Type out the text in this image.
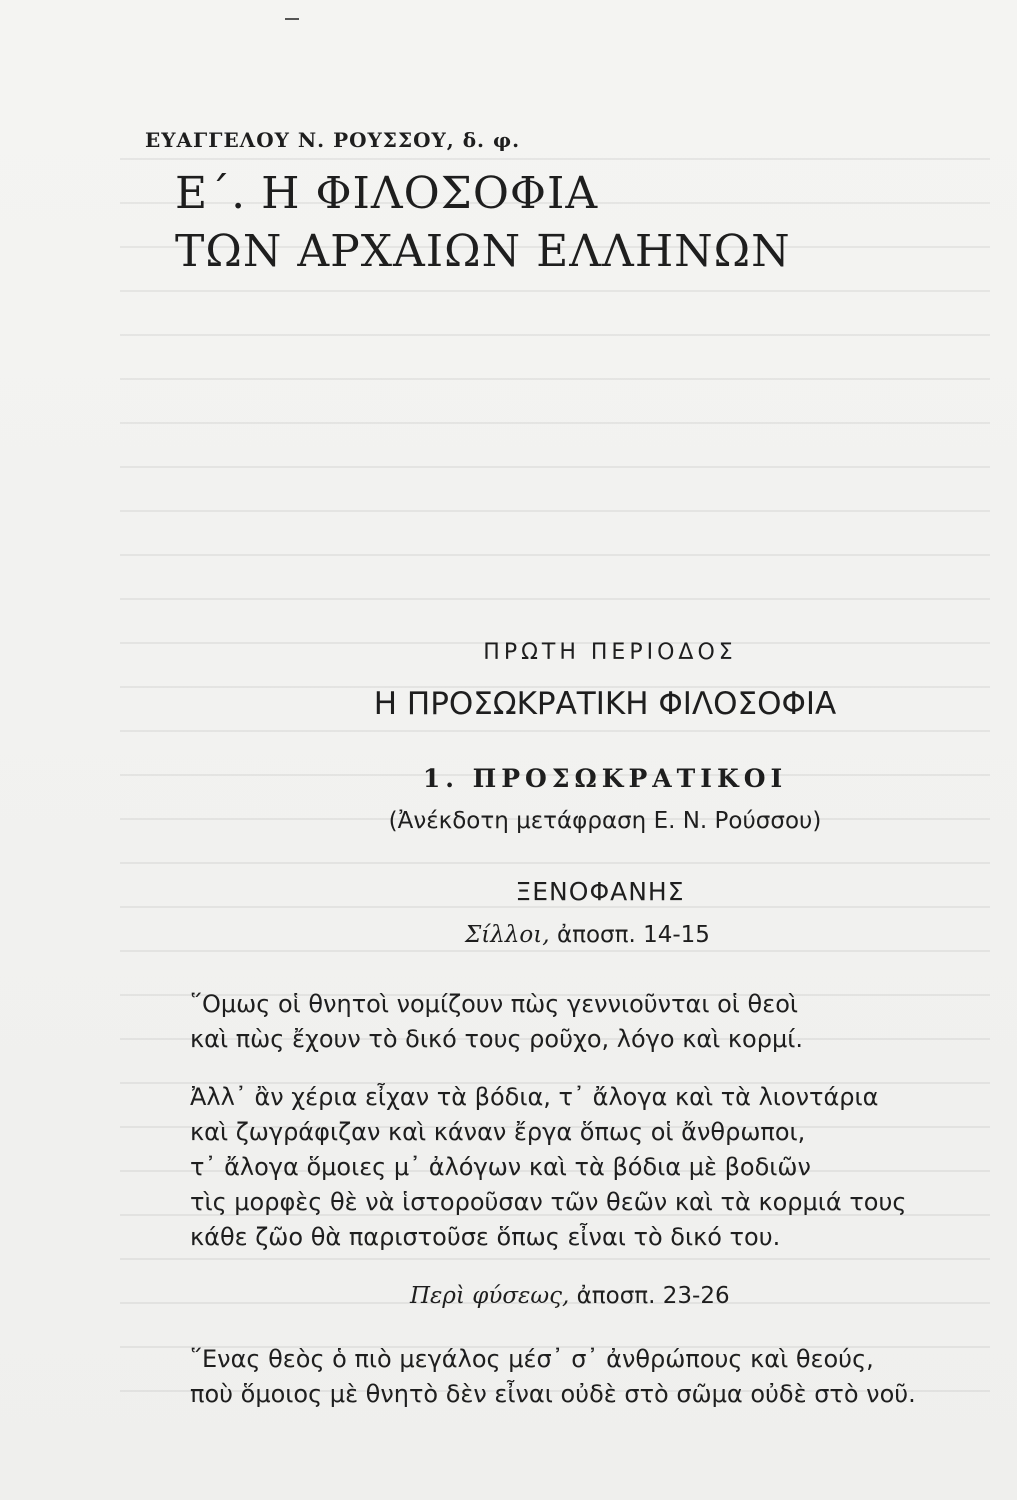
ΕΥΑΓΓΕΛΟΥ Ν. ΡΟΥΣΣΟΥ, δ. φ.
Ε΄. Η ΦΙΛΟΣΟΦΙΑ
ΤΩΝ ΑΡΧΑΙΩΝ ΕΛΛΗΝΩΝ
ΠΡΩΤΗ ΠΕΡΙΟΔΟΣ
Η ΠΡΟΣΩΚΡΑΤΙΚΗ ΦΙΛΟΣΟΦΙΑ
1. ΠΡΟΣΩΚΡΑΤΙΚΟΙ
(Ἀνέκδοτη μετάφραση Ε. Ν. Ρούσσου)
ΞΕΝΟΦΑΝΗΣ
Σίλλοι, ἀποσπ. 14-15
῞Ομως οἱ θνητοὶ νομίζουν πὼς γεννιοῦνται οἱ θεοὶ
καὶ πὼς ἔχουν τὸ δικό τους ροῦχο, λόγο καὶ κορμί.
Ἀλλ᾿ ἂν χέρια εἶχαν τὰ βόδια, τ᾿ ἄλογα καὶ τὰ λιοντάρια
καὶ ζωγράφιζαν καὶ κάναν ἔργα ὅπως οἱ ἄνθρωποι,
τ᾿ ἄλογα ὅμοιες μ᾿ ἀλόγων καὶ τὰ βόδια μὲ βοδιῶν
τὶς μορφὲς θὲ νὰ ἱστοροῦσαν τῶν θεῶν καὶ τὰ κορμιά τους
κάθε ζῶο θὰ παριστοῦσε ὅπως εἶναι τὸ δικό του.
Περὶ φύσεως, ἀποσπ. 23-26
῞Ενας θεὸς ὁ πιὸ μεγάλος μέσ᾿ σ᾿ ἀνθρώπους καὶ θεούς,
ποὺ ὅμοιος μὲ θνητὸ δὲν εἶναι οὐδὲ στὸ σῶμα οὐδὲ στὸ νοῦ.
